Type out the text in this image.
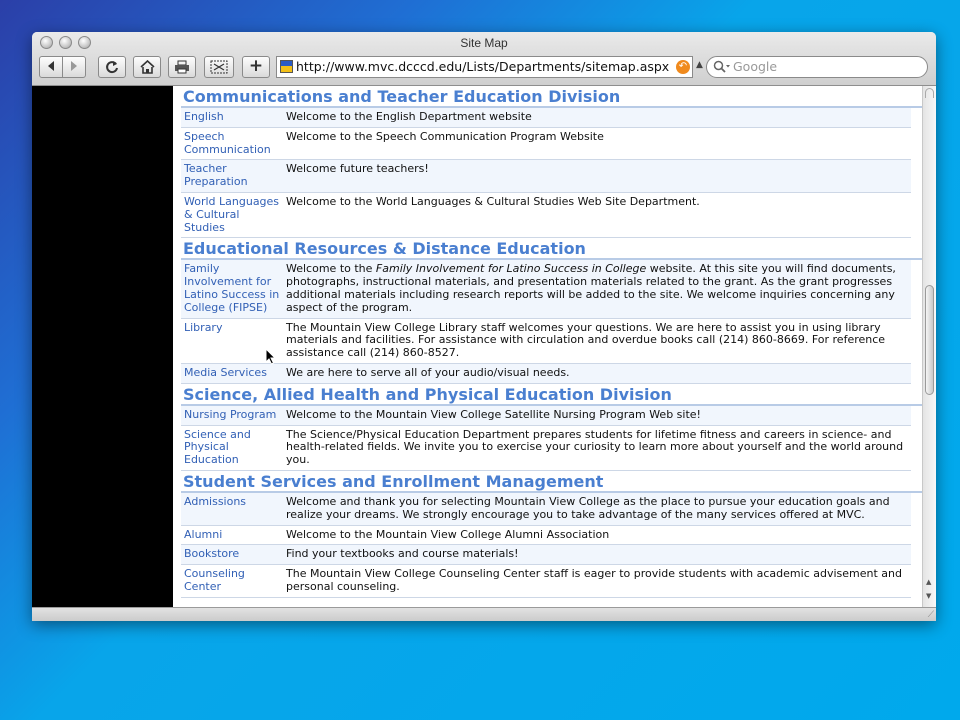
Site Map
+	http://www.mvc.dcccd.edu/Lists/Departments/sitemap.aspx ↶ ▲	Google
Communications and Teacher Education Division
English	Welcome to the English Department website
Speech Communication	Welcome to the Speech Communication Program Website
Teacher Preparation	Welcome future teachers!
World Languages & Cultural Studies	Welcome to the World Languages & Cultural Studies Web Site Department.
Educational Resources & Distance Education
Family Involvement for Latino Success in College (FIPSE)	Welcome to the Family Involvement for Latino Success in College website. At this site you will find documents, photographs, instructional materials, and presentation materials related to the grant. As the grant progresses additional materials including research reports will be added to the site. We welcome inquiries concerning any aspect of the program.
Library	The Mountain View College Library staff welcomes your questions. We are here to assist you in using library materials and facilities. For assistance with circulation and overdue books call (214) 860-8669. For reference assistance call (214) 860-8527.
Media Services	We are here to serve all of your audio/visual needs.
Science, Allied Health and Physical Education Division
Nursing Program	Welcome to the Mountain View College Satellite Nursing Program Web site!
Science and Physical Education	The Science/Physical Education Department prepares students for lifetime fitness and careers in science- and health-related fields. We invite you to exercise your curiosity to learn more about yourself and the world around you.
Student Services and Enrollment Management
Admissions	Welcome and thank you for selecting Mountain View College as the place to pursue your education goals and realize your dreams. We strongly encourage you to take advantage of the many services offered at MVC.
Alumni	Welcome to the Mountain View College Alumni Association
Bookstore	Find your textbooks and course materials!
Counseling Center	The Mountain View College Counseling Center staff is eager to provide students with academic advisement and personal counseling.	▲
▼
⟋
